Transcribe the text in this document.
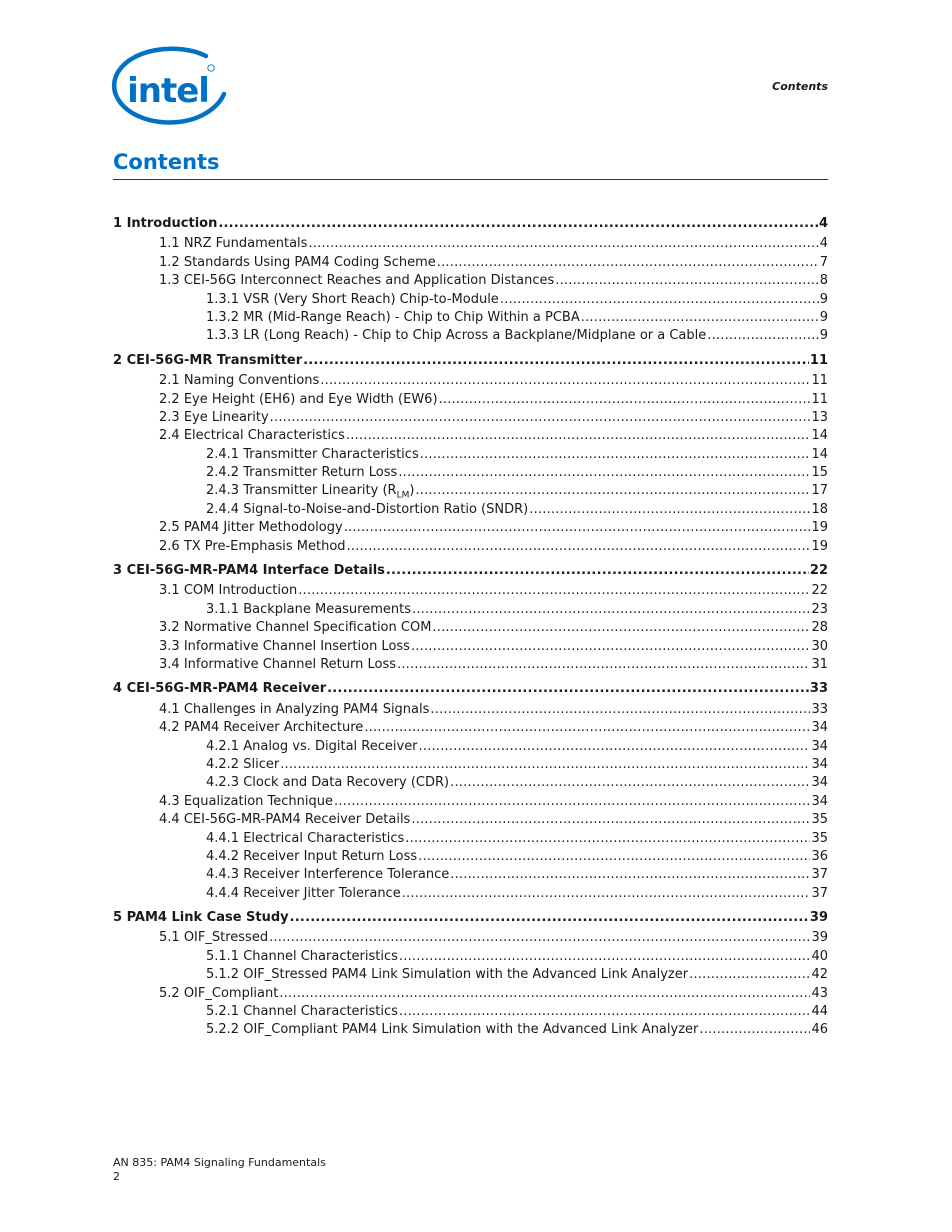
intel	Contents
Contents
1 Introduction .....	4
1.1 NRZ Fundamentals .....	4
1.2 Standards Using PAM4 Coding Scheme .....	7
1.3 CEI-56G Interconnect Reaches and Application Distances .....	8
1.3.1 VSR (Very Short Reach) Chip-to-Module .....	9
1.3.2 MR (Mid-Range Reach) - Chip to Chip Within a PCBA .....	9
1.3.3 LR (Long Reach) - Chip to Chip Across a Backplane/Midplane or a Cable .....	9
2 CEI-56G-MR Transmitter .....	11
2.1 Naming Conventions .....	11
2.2 Eye Height (EH6) and Eye Width (EW6) .....	11
2.3 Eye Linearity .....	13
2.4 Electrical Characteristics .....	14
2.4.1 Transmitter Characteristics .....	14
2.4.2 Transmitter Return Loss .....	15
2.4.3 Transmitter Linearity $(R_{LM})$ .....	17
2.4.4 Signal-to-Noise-and-Distortion Ratio (SNDR) .....	18
2.5 PAM4 Jitter Methodology .....	19
2.6 TX Pre-Emphasis Method .....	19
3 CEI-56G-MR-PAM4 Interface Details .....	22
3.1 COM Introduction .....	22
3.1.1 Backplane Measurements .....	23
3.2 Normative Channel Specification COM .....	28
3.3 Informative Channel Insertion Loss .....	30
3.4 Informative Channel Return Loss .....	31
4 CEI-56G-MR-PAM4 Receiver .....	33
4.1 Challenges in Analyzing PAM4 Signals .....	33
4.2 PAM4 Receiver Architecture .....	34
4.2.1 Analog vs. Digital Receiver .....	34
4.2.2 Slicer .....	34
4.2.3 Clock and Data Recovery (CDR) .....	34
4.3 Equalization Technique .....	34
4.4 CEI-56G-MR-PAM4 Receiver Details .....	35
4.4.1 Electrical Characteristics .....	35
4.4.2 Receiver Input Return Loss .....	36
4.4.3 Receiver Interference Tolerance .....	37
4.4.4 Receiver Jitter Tolerance .....	37
5 PAM4 Link Case Study .....	39
5.1 OIF_Stressed .....	39
5.1.1 Channel Characteristics .....	40
5.1.2 OIF_Stressed PAM4 Link Simulation with the Advanced Link Analyzer .....	42
5.2 OIF_Compliant .....	43
5.2.1 Channel Characteristics .....	44
5.2.2 OIF_Compliant PAM4 Link Simulation with the Advanced Link Analyzer .....	46
AN 835: PAM4 Signaling Fundamentals
2
